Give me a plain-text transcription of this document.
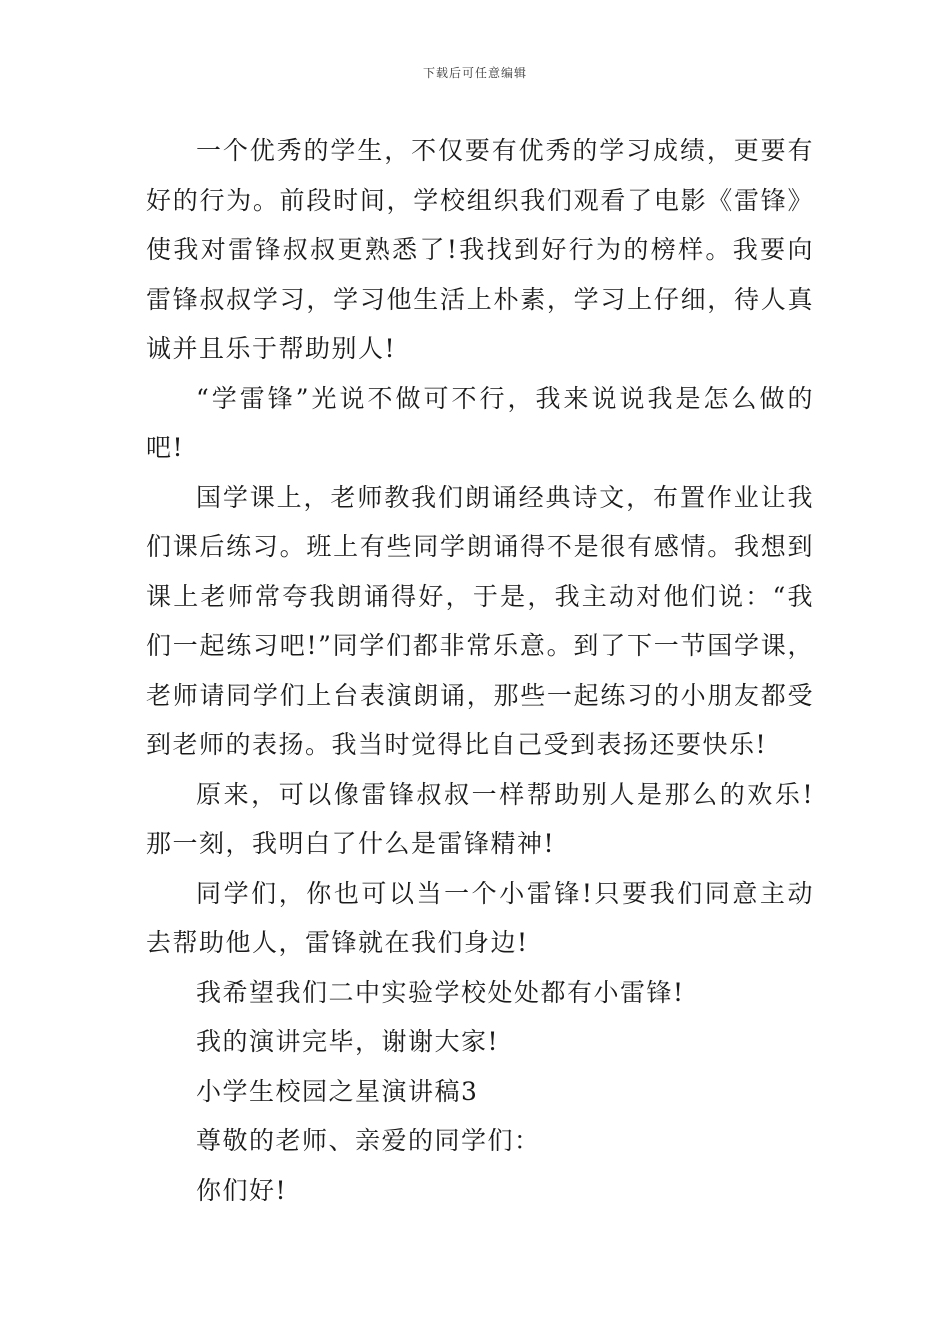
下载后可任意编辑

一个优秀的学生，不仅要有优秀的学习成绩，更要有好的行为。前段时间，学校组织我们观看了电影《雷锋》使我对雷锋叔叔更熟悉了!我找到好行为的榜样。我要向雷锋叔叔学习，学习他生活上朴素，学习上仔细，待人真诚并且乐于帮助别人!

“学雷锋”光说不做可不行，我来说说我是怎么做的吧!

国学课上，老师教我们朗诵经典诗文，布置作业让我们课后练习。班上有些同学朗诵得不是很有感情。我想到课上老师常夸我朗诵得好，于是，我主动对他们说：“我们一起练习吧!”同学们都非常乐意。到了下一节国学课，老师请同学们上台表演朗诵，那些一起练习的小朋友都受到老师的表扬。我当时觉得比自己受到表扬还要快乐!

原来，可以像雷锋叔叔一样帮助别人是那么的欢乐!那一刻，我明白了什么是雷锋精神!

同学们，你也可以当一个小雷锋!只要我们同意主动去帮助他人，雷锋就在我们身边!

我希望我们二中实验学校处处都有小雷锋!

我的演讲完毕，谢谢大家!

小学生校园之星演讲稿3

尊敬的老师、亲爱的同学们：

你们好!
